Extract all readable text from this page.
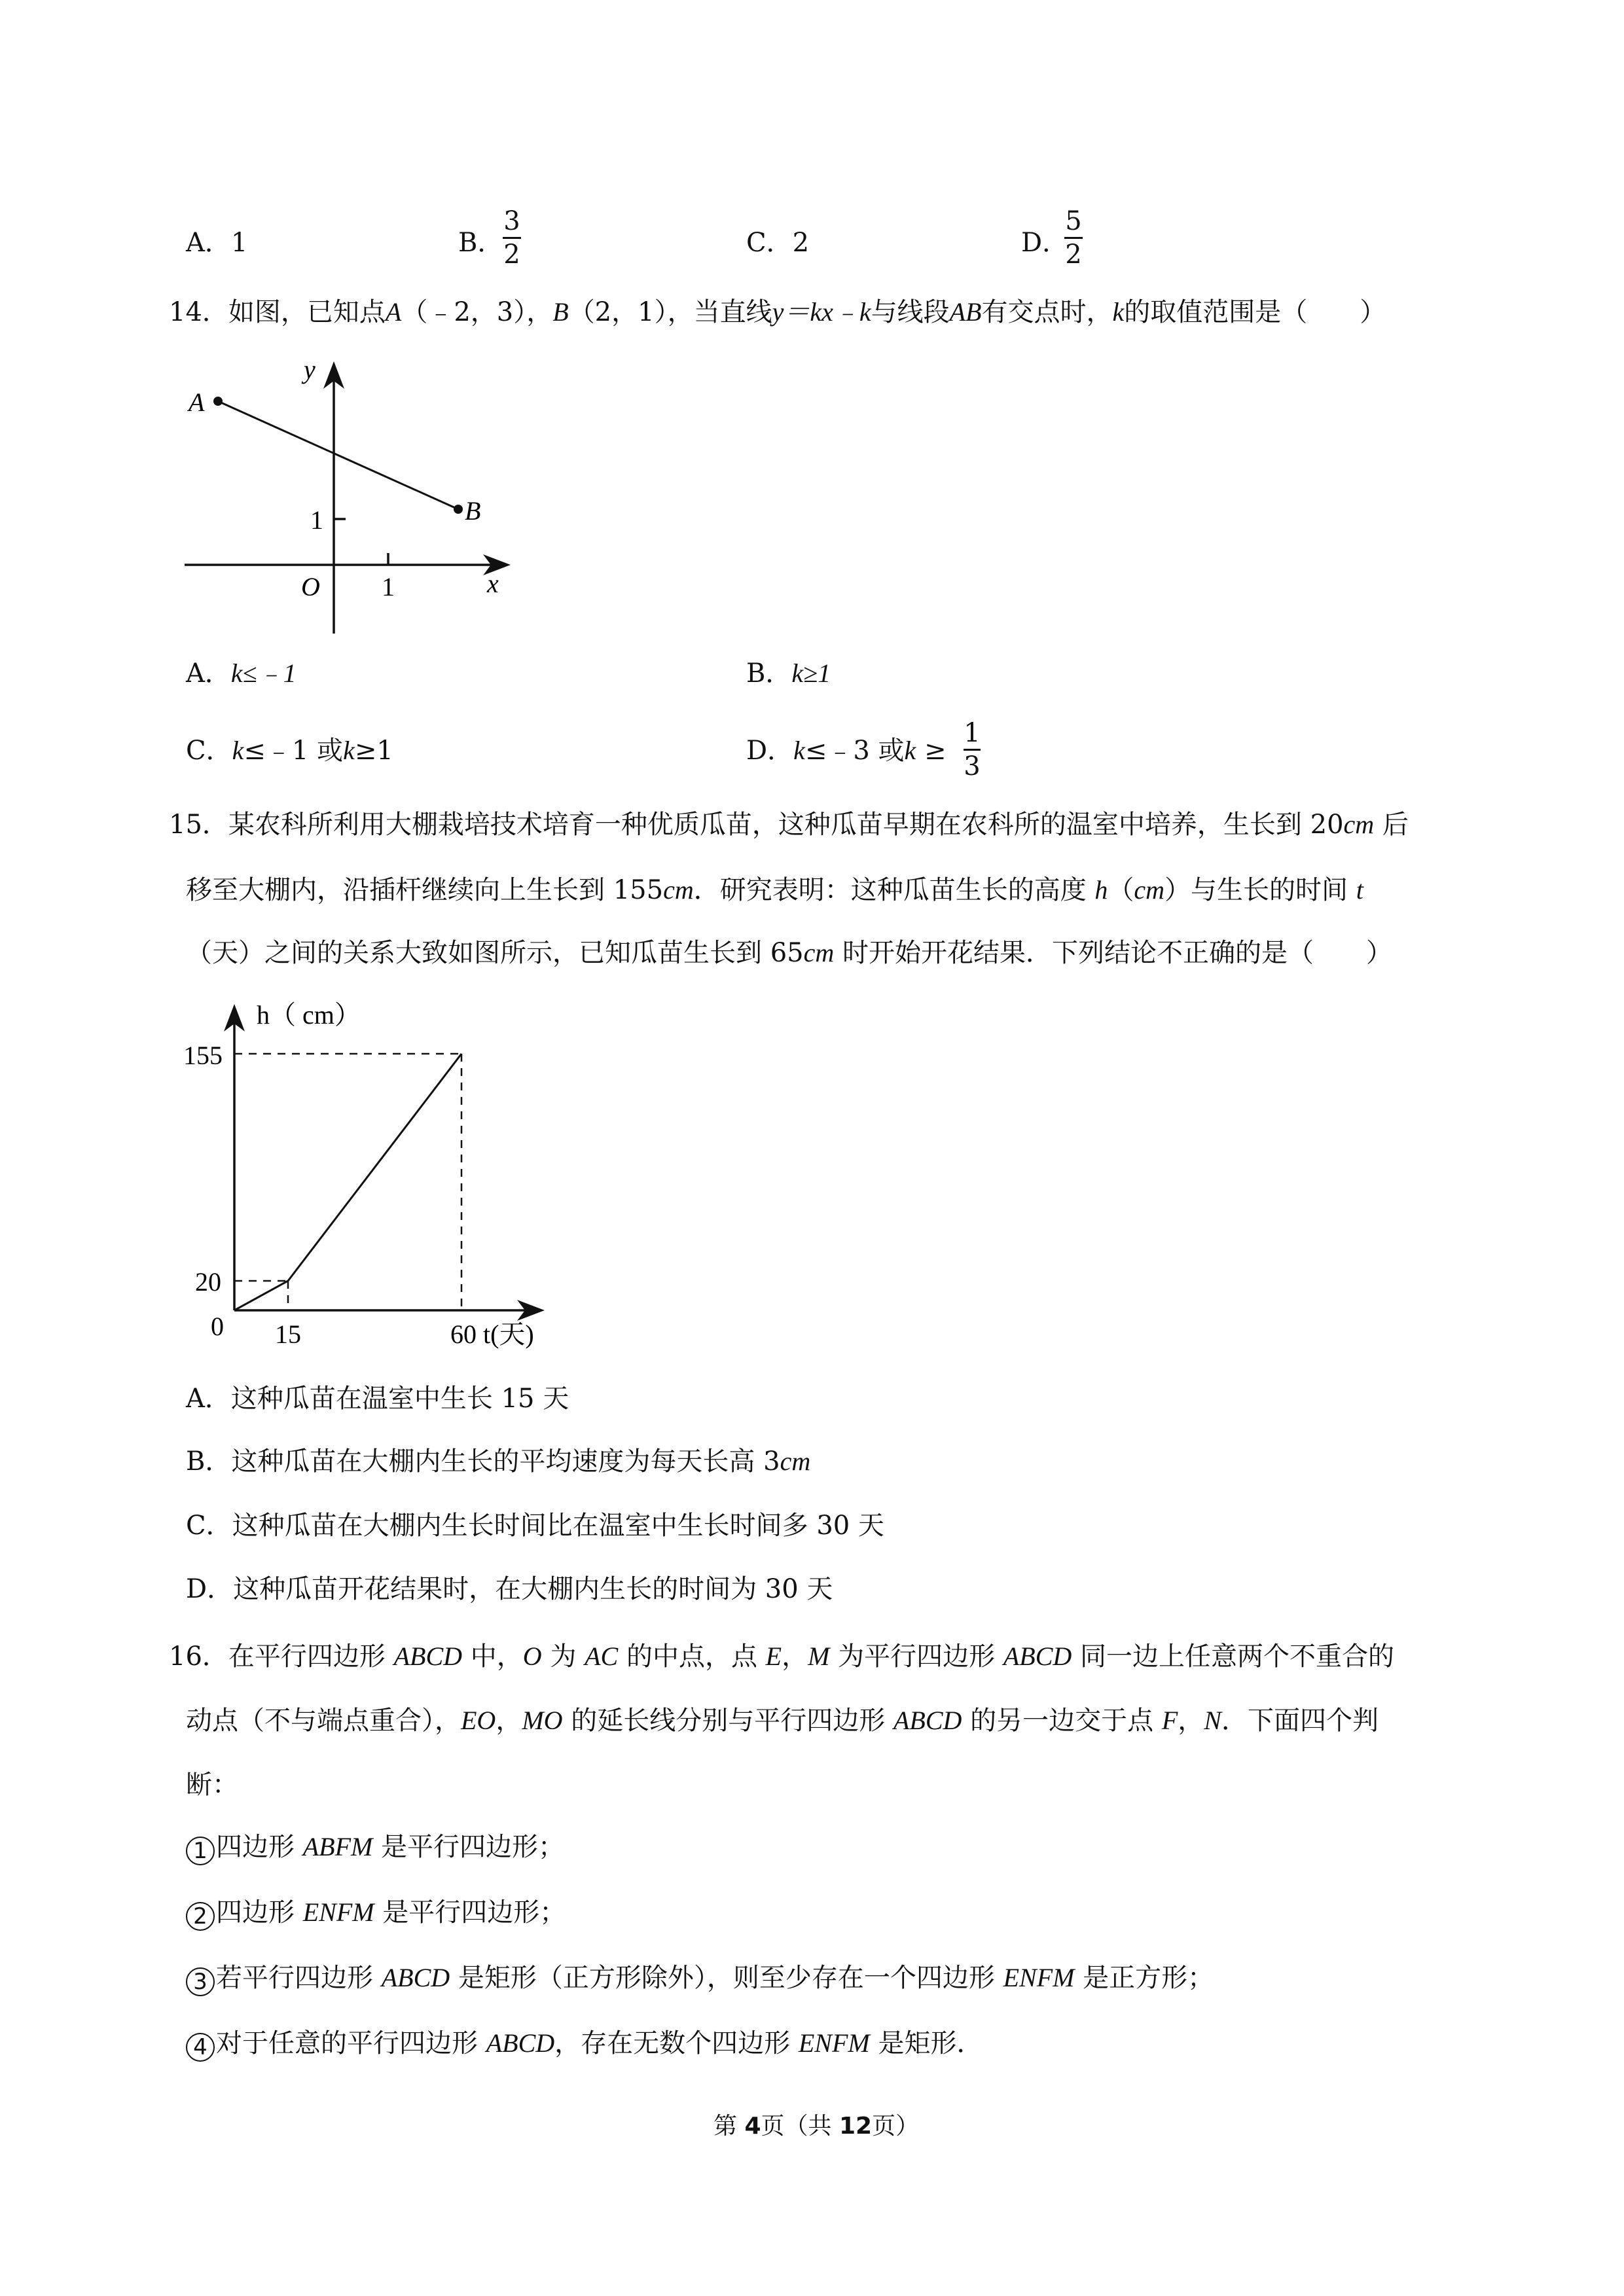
A．1	B．
3
2	C．2	D．
5
2
14．如图，已知点A（﹣2，3），B（2，1），当直线y＝kx﹣k与线段AB有交点时，k的取值范围是（　　）
y
x
O 1
1
A
B
A．k≤﹣1	B．k≥1
C．k≤﹣1 或k≥1	D．k≤﹣3 或k ≥
1
3
15．某农科所利用大棚栽培技术培育一种优质瓜苗，这种瓜苗早期在农科所的温室中培养，生长到 20cm 后
移至大棚内，沿插杆继续向上生长到 155cm．研究表明：这种瓜苗生长的高度 h（cm）与生长的时间 t
（天）之间的关系大致如图所示，已知瓜苗生长到 65cm 时开始开花结果．下列结论不正确的是（　　）
h（ cm）
155
20
0 15	60 t(天)
A．这种瓜苗在温室中生长 15 天
B．这种瓜苗在大棚内生长的平均速度为每天长高 3cm
C．这种瓜苗在大棚内生长时间比在温室中生长时间多 30 天
D．这种瓜苗开花结果时，在大棚内生长的时间为 30 天
16．在平行四边形 ABCD 中，O 为 AC 的中点，点 E，M 为平行四边形 ABCD 同一边上任意两个不重合的
动点（不与端点重合），EO，MO 的延长线分别与平行四边形 ABCD 的另一边交于点 F，N．下面四个判
断：
1 四边形 ABFM 是平行四边形；
2 四边形 ENFM 是平行四边形；
3 若平行四边形 ABCD 是矩形（正方形除外），则至少存在一个四边形 ENFM 是正方形；
4 对于任意的平行四边形 ABCD，存在无数个四边形 ENFM 是矩形．
第 4页（共 12页）
